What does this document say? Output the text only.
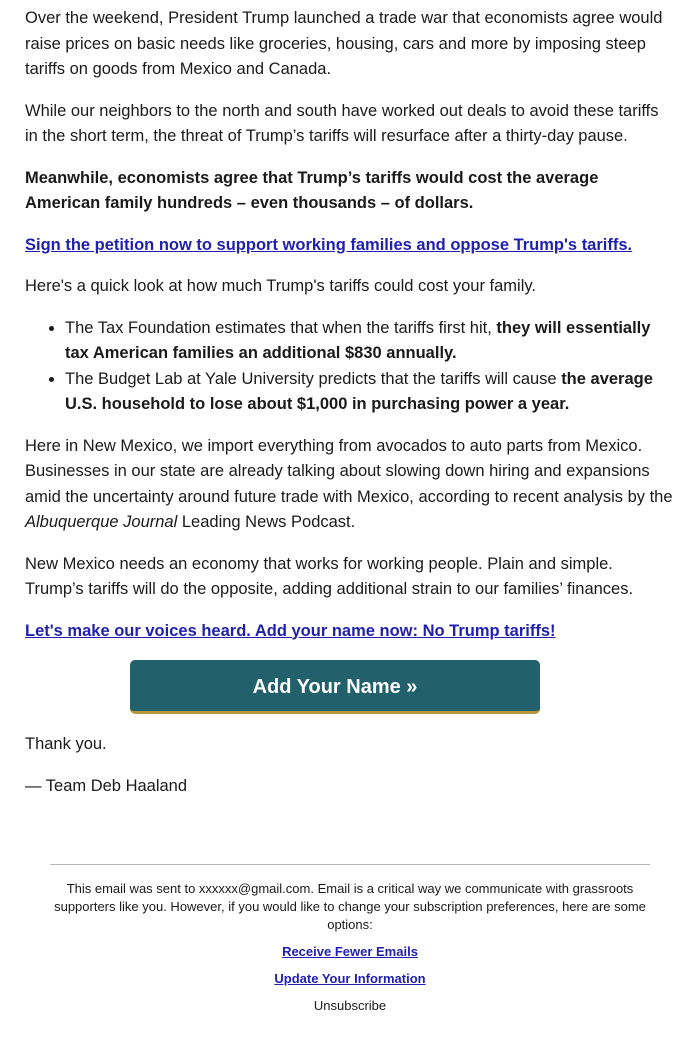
Over the weekend, President Trump launched a trade war that economists agree would raise prices on basic needs like groceries, housing, cars and more by imposing steep tariffs on goods from Mexico and Canada.

While our neighbors to the north and south have worked out deals to avoid these tariffs in the short term, the threat of Trump’s tariffs will resurface after a thirty-day pause.

Meanwhile, economists agree that Trump’s tariffs would cost the average American family hundreds – even thousands – of dollars.

Sign the petition now to support working families and oppose Trump's tariffs.

Here's a quick look at how much Trump's tariffs could cost your family.

• The Tax Foundation estimates that when the tariffs first hit, they will essentially tax American families an additional $830 annually.
• The Budget Lab at Yale University predicts that the tariffs will cause the average U.S. household to lose about $1,000 in purchasing power a year.

Here in New Mexico, we import everything from avocados to auto parts from Mexico. Businesses in our state are already talking about slowing down hiring and expansions amid the uncertainty around future trade with Mexico, according to recent analysis by the Albuquerque Journal Leading News Podcast.

New Mexico needs an economy that works for working people. Plain and simple. Trump’s tariffs will do the opposite, adding additional strain to our families’ finances.

Let's make our voices heard. Add your name now: No Trump tariffs!

Add Your Name »

Thank you.

— Team Deb Haaland

This email was sent to xxxxxx@gmail.com. Email is a critical way we communicate with grassroots supporters like you. However, if you would like to change your subscription preferences, here are some options:

Receive Fewer Emails
Update Your Information
Unsubscribe
